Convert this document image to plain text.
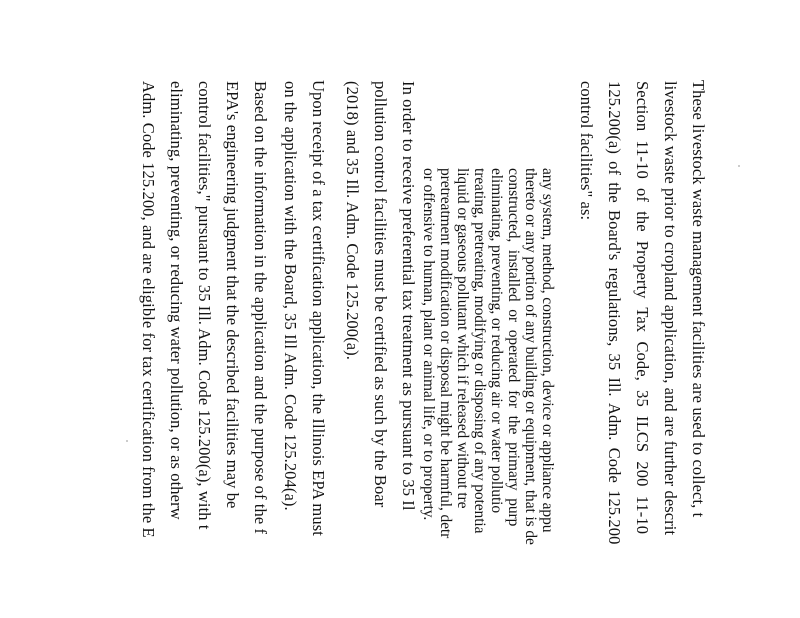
These livestock waste management facilities are used to collect, t
livestock waste prior to cropland application, and are further descrit
Section 11-10 of the Property Tax Code, 35 ILCS 200 11-10
125.200(a) of the Board's regulations, 35 Ill. Adm. Code 125.200
control facilities" as:
any system, method, construction, device or appliance appu
thereto or any portion of any building or equipment, that is de
constructed, installed or operated for the primary purp
eliminating, preventing, or reducing air or water pollutio
treating, pretreating, modifying or disposing of any potentia
liquid or gaseous pollutant which if released without tre
pretreatment modification or disposal might be harmful, detr
or offensive to human, plant or animal life, or to property.
In order to receive preferential tax treatment as pursuant to 35 Il
pollution control facilities must be certified as such by the Boar
(2018) and 35 Ill. Adm. Code 125.200(a).
Upon receipt of a tax certification application, the Illinois EPA must
on the application with the Board, 35 Ill Adm. Code 125.204(a).
Based on the information in the application and the purpose of the f
EPA's engineering judgment that the described facilities may be
control facilities," pursuant to 35 Ill. Adm. Code 125.200(a), with t
eliminating, preventing, or reducing water pollution, or as otherw
Adm. Code 125.200, and are eligible for tax certification from the E
